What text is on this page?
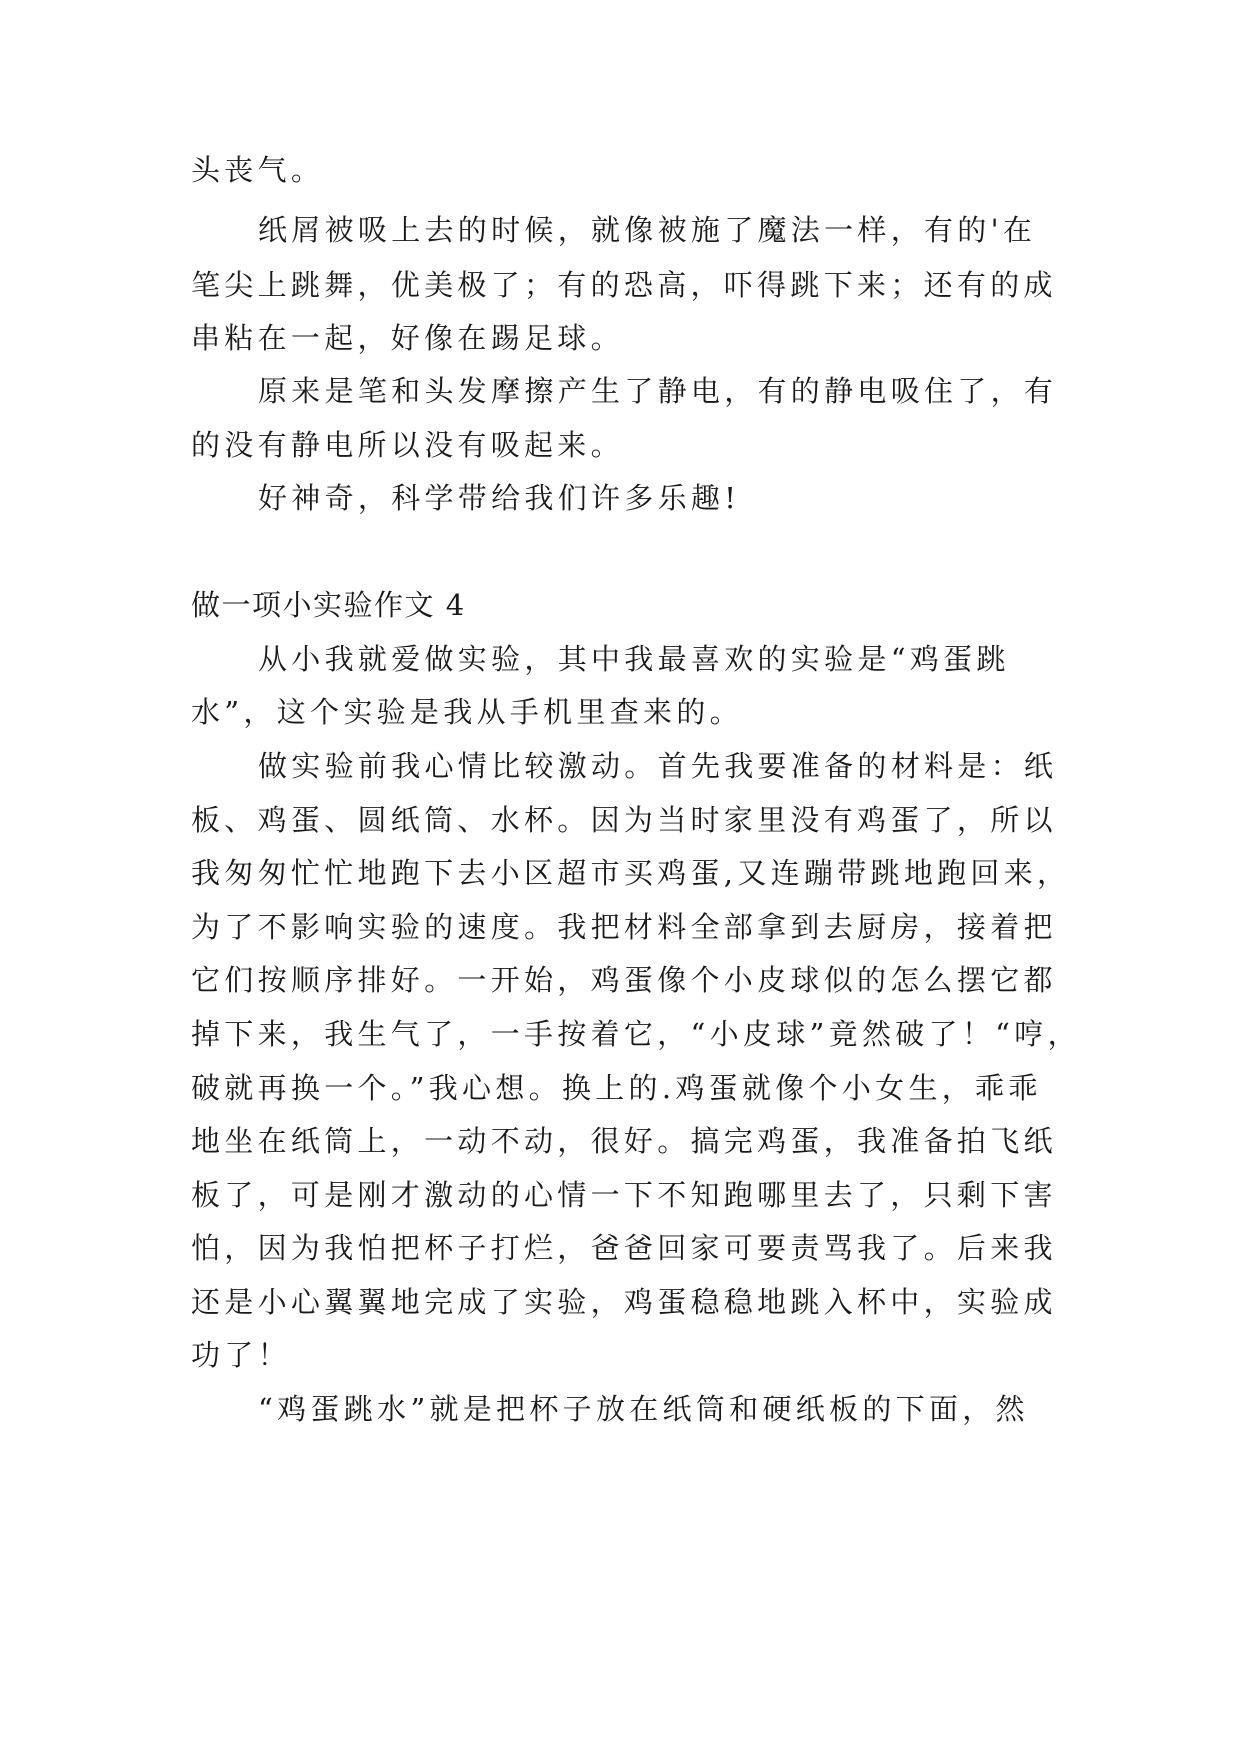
头丧气。
纸屑被吸上去的时候，就像被施了魔法一样，有的'在
笔尖上跳舞，优美极了；有的恐高，吓得跳下来；还有的成
串粘在一起，好像在踢足球。
原来是笔和头发摩擦产生了静电，有的静电吸住了，有
的没有静电所以没有吸起来。
好神奇，科学带给我们许多乐趣!
做一项小实验作文 4
从小我就爱做实验，其中我最喜欢的实验是“鸡蛋跳
水”，这个实验是我从手机里查来的。
做实验前我心情比较激动。首先我要准备的材料是：纸
板、鸡蛋、圆纸筒、水杯。因为当时家里没有鸡蛋了，所以
我匆匆忙忙地跑下去小区超市买鸡蛋,又连蹦带跳地跑回来，
为了不影响实验的速度。我把材料全部拿到去厨房，接着把
它们按顺序排好。一开始，鸡蛋像个小皮球似的怎么摆它都
掉下来，我生气了，一手按着它，“小皮球”竟然破了！“哼，
破就再换一个。”我心想。换上的.鸡蛋就像个小女生，乖乖
地坐在纸筒上，一动不动，很好。搞完鸡蛋，我准备拍飞纸
板了，可是刚才激动的心情一下不知跑哪里去了，只剩下害
怕，因为我怕把杯子打烂，爸爸回家可要责骂我了。后来我
还是小心翼翼地完成了实验，鸡蛋稳稳地跳入杯中，实验成
功了！
“鸡蛋跳水”就是把杯子放在纸筒和硬纸板的下面，然
